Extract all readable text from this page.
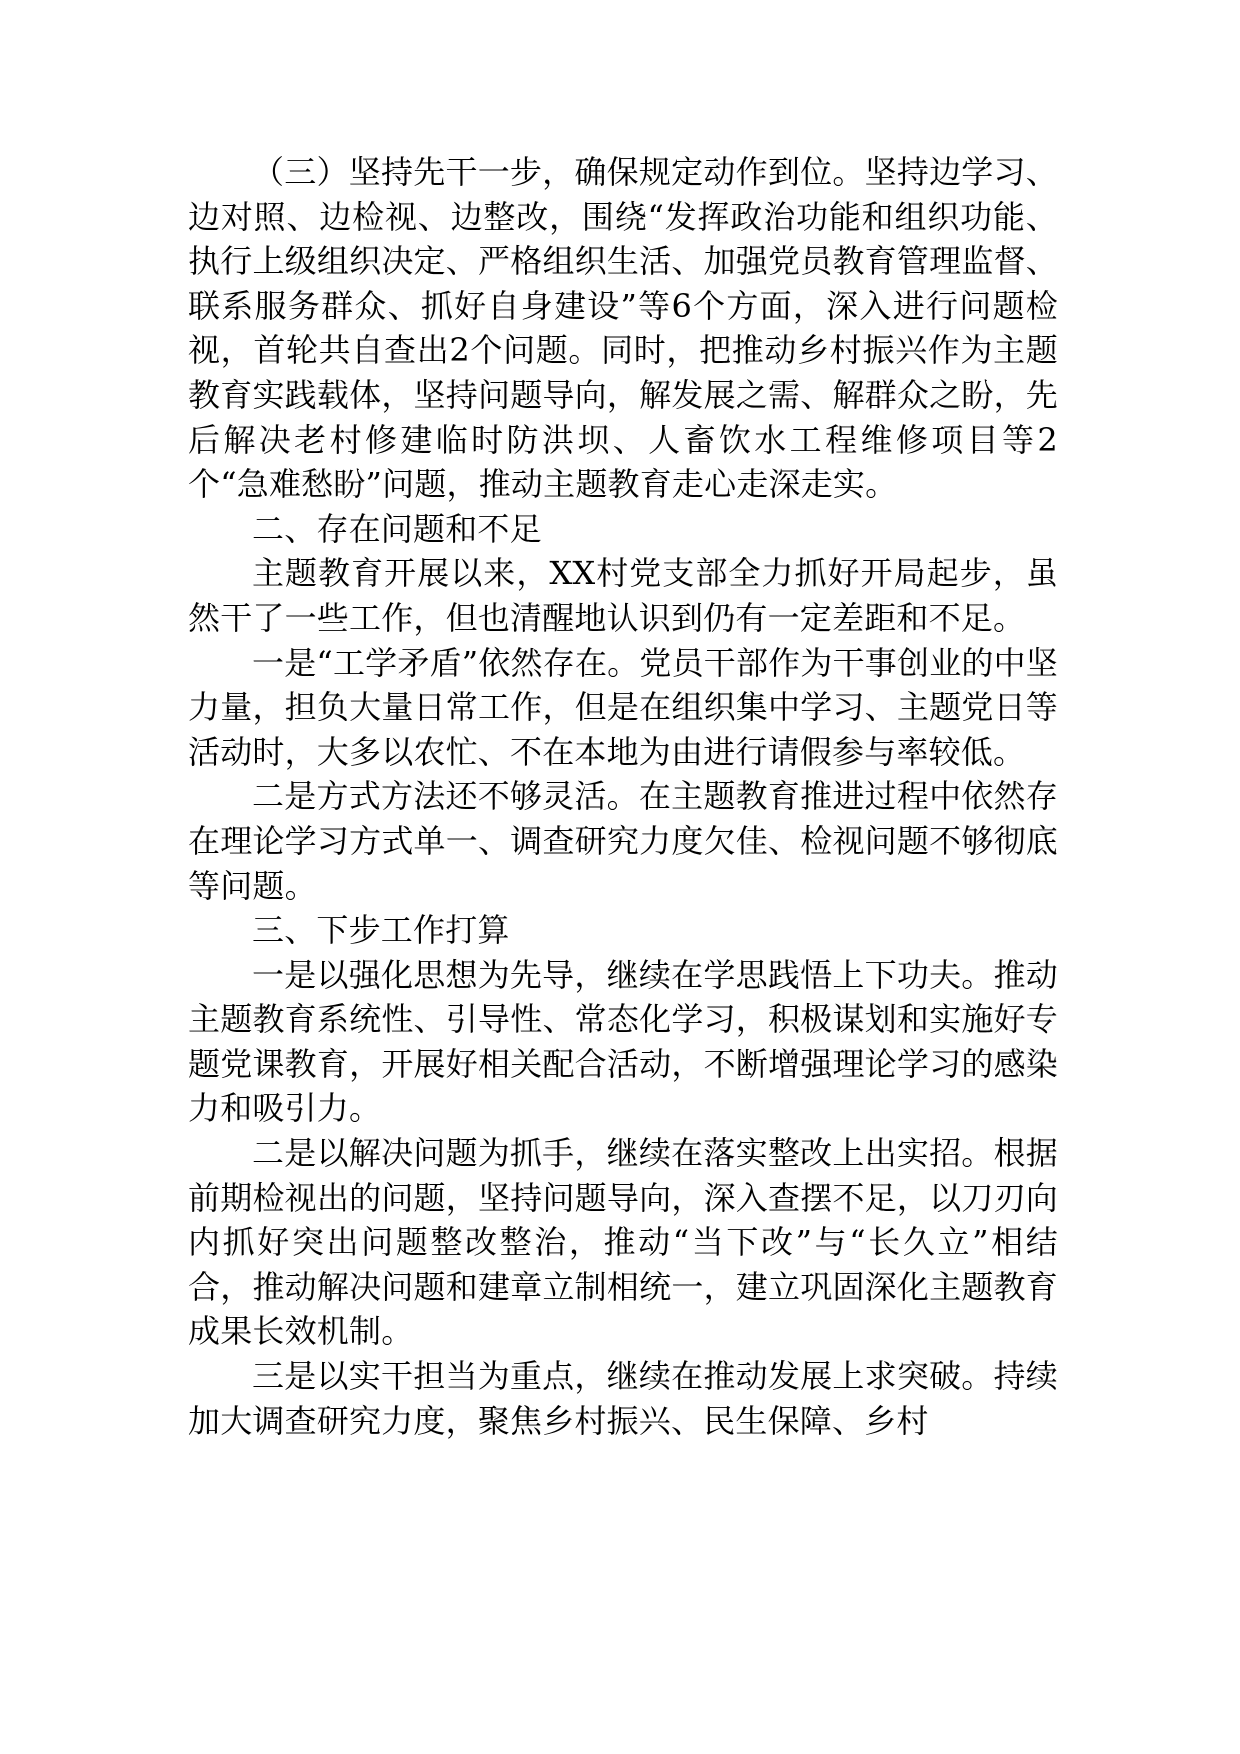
（三）坚持先干一步，确保规定动作到位。坚持边学习、边对照、边检视、边整改，围绕“发挥政治功能和组织功能、执行上级组织决定、严格组织生活、加强党员教育管理监督、联系服务群众、抓好自身建设”等6个方面，深入进行问题检视，首轮共自查出2个问题。同时，把推动乡村振兴作为主题教育实践载体，坚持问题导向，解发展之需、解群众之盼，先后解决老村修建临时防洪坝、人畜饮水工程维修项目等2个“急难愁盼”问题，推动主题教育走心走深走实。

二、存在问题和不足

主题教育开展以来，XX村党支部全力抓好开局起步，虽然干了一些工作，但也清醒地认识到仍有一定差距和不足。

一是“工学矛盾”依然存在。党员干部作为干事创业的中坚力量，担负大量日常工作，但是在组织集中学习、主题党日等活动时，大多以农忙、不在本地为由进行请假参与率较低。

二是方式方法还不够灵活。在主题教育推进过程中依然存在理论学习方式单一、调查研究力度欠佳、检视问题不够彻底等问题。

三、下步工作打算

一是以强化思想为先导，继续在学思践悟上下功夫。推动主题教育系统性、引导性、常态化学习，积极谋划和实施好专题党课教育，开展好相关配合活动，不断增强理论学习的感染力和吸引力。

二是以解决问题为抓手，继续在落实整改上出实招。根据前期检视出的问题，坚持问题导向，深入查摆不足，以刀刃向内抓好突出问题整改整治，推动“当下改”与“长久立”相结合，推动解决问题和建章立制相统一，建立巩固深化主题教育成果长效机制。

三是以实干担当为重点，继续在推动发展上求突破。持续加大调查研究力度，聚焦乡村振兴、民生保障、乡村
